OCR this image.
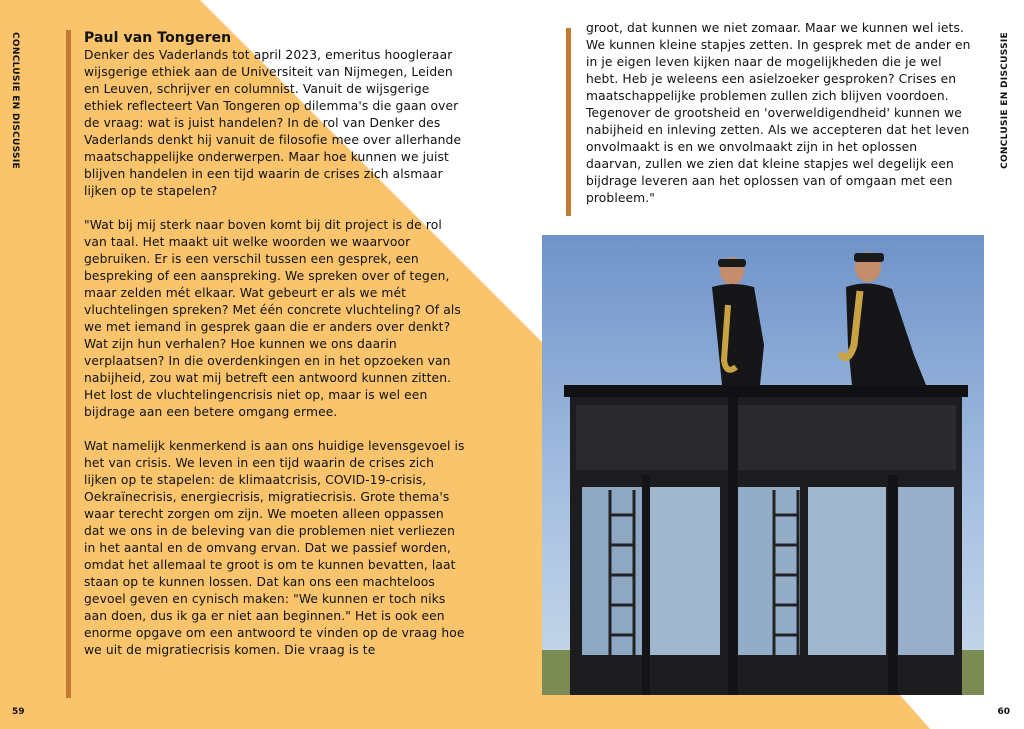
CONCLUSIE EN DISCUSSIE	CONCLUSIE EN DISCUSSIE

Paul van Tongeren
Denker des Vaderlands tot april 2023, emeritus hoogleraar wijsgerige ethiek aan de Universiteit van Nijmegen, Leiden en Leuven, schrijver en columnist. Vanuit de wijsgerige ethiek reflecteert Van Tongeren op dilemma's die gaan over de vraag: wat is juist handelen? In de rol van Denker des Vaderlands denkt hij vanuit de filosofie mee over allerhande maatschappelijke onderwerpen. Maar hoe kunnen we juist blijven handelen in een tijd waarin de crises zich alsmaar lijken op te stapelen?

"Wat bij mij sterk naar boven komt bij dit project is de rol van taal. Het maakt uit welke woorden we waarvoor gebruiken. Er is een verschil tussen een gesprek, een bespreking of een aanspreking. We spreken over of tegen, maar zelden mét elkaar. Wat gebeurt er als we mét vluchtelingen spreken? Met één concrete vluchteling? Of als we met iemand in gesprek gaan die er anders over denkt? Wat zijn hun verhalen? Hoe kunnen we ons daarin verplaatsen? In die overdenkingen en in het opzoeken van nabijheid, zou wat mij betreft een antwoord kunnen zitten. Het lost de vluchtelingencrisis niet op, maar is wel een bijdrage aan een betere omgang ermee.

Wat namelijk kenmerkend is aan ons huidige levensgevoel is het van crisis. We leven in een tijd waarin de crises zich lijken op te stapelen: de klimaatcrisis, COVID-19-crisis, Oekraïnecrisis, energiecrisis, migratiecrisis. Grote thema's waar terecht zorgen om zijn. We moeten alleen oppassen dat we ons in de beleving van die problemen niet verliezen in het aantal en de omvang ervan. Dat we passief worden, omdat het allemaal te groot is om te kunnen bevatten, laat staan op te kunnen lossen. Dat kan ons een machteloos gevoel geven en cynisch maken: "We kunnen er toch niks aan doen, dus ik ga er niet aan beginnen." Het is ook een enorme opgave om een antwoord te vinden op de vraag hoe we uit de migratiecrisis komen. Die vraag is te

groot, dat kunnen we niet zomaar. Maar we kunnen wel iets. We kunnen kleine stapjes zetten. In gesprek met de ander en in je eigen leven kijken naar de mogelijkheden die je wel hebt. Heb je weleens een asielzoeker gesproken? Crises en maatschappelijke problemen zullen zich blijven voordoen. Tegenover de grootsheid en 'overweldigendheid' kunnen we nabijheid en inleving zetten. Als we accepteren dat het leven onvolmaakt is en we onvolmaakt zijn in het oplossen daarvan, zullen we zien dat kleine stapjes wel degelijk een bijdrage leveren aan het oplossen van of omgaan met een probleem."

59	60
